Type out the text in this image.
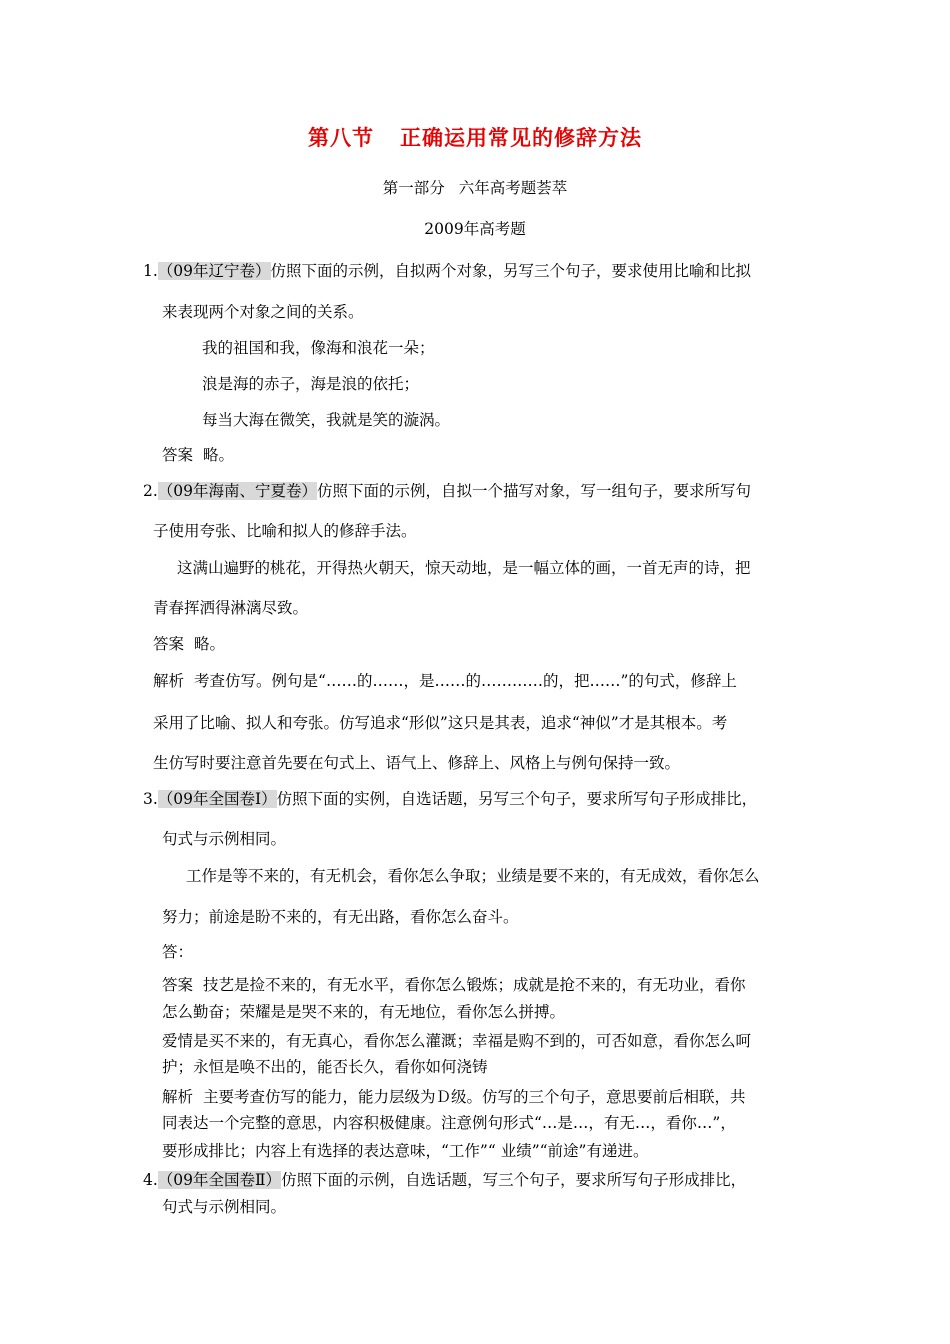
第八节 正确运用常见的修辞方法
第一部分 六年高考题荟萃
2009年高考题
1.（09年辽宁卷）仿照下面的示例，自拟两个对象，另写三个句子，要求使用比喻和比拟
来表现两个对象之间的关系。
我的祖国和我，像海和浪花一朵；
浪是海的赤子，海是浪的依托；
每当大海在微笑，我就是笑的漩涡。
答案 略。
2.（09年海南、宁夏卷）仿照下面的示例，自拟一个描写对象，写一组句子，要求所写句
子使用夸张、比喻和拟人的修辞手法。
这满山遍野的桃花，开得热火朝天，惊天动地，是一幅立体的画，一首无声的诗，把
青春挥洒得淋漓尽致。
答案 略。
解析 考查仿写。例句是“……的……，是……的…………的，把……”的句式，修辞上
采用了比喻、拟人和夸张。仿写追求“形似”这只是其表，追求“神似”才是其根本。考
生仿写时要注意首先要在句式上、语气上、修辞上、风格上与例句保持一致。
3.（09年全国卷Ⅰ）仿照下面的实例，自选话题，另写三个句子，要求所写句子形成排比，
句式与示例相同。
工作是等不来的，有无机会，看你怎么争取；业绩是要不来的，有无成效，看你怎么
努力；前途是盼不来的，有无出路，看你怎么奋斗。
答：
答案 技艺是捡不来的，有无水平，看你怎么锻炼；成就是抢不来的，有无功业，看你
怎么勤奋；荣耀是是哭不来的，有无地位，看你怎么拼搏。
爱情是买不来的，有无真心，看你怎么灌溉；幸福是购不到的，可否如意，看你怎么呵
护；永恒是唤不出的，能否长久，看你如何浇铸
解析 主要考查仿写的能力，能力层级为Ｄ级。仿写的三个句子，意思要前后相联，共
同表达一个完整的意思，内容积极健康。注意例句形式“…是…，有无…，看你…”，
要形成排比；内容上有选择的表达意味，“工作”“ 业绩”“前途”有递进。
4.（09年全国卷Ⅱ）仿照下面的示例，自选话题，写三个句子，要求所写句子形成排比，
句式与示例相同。
